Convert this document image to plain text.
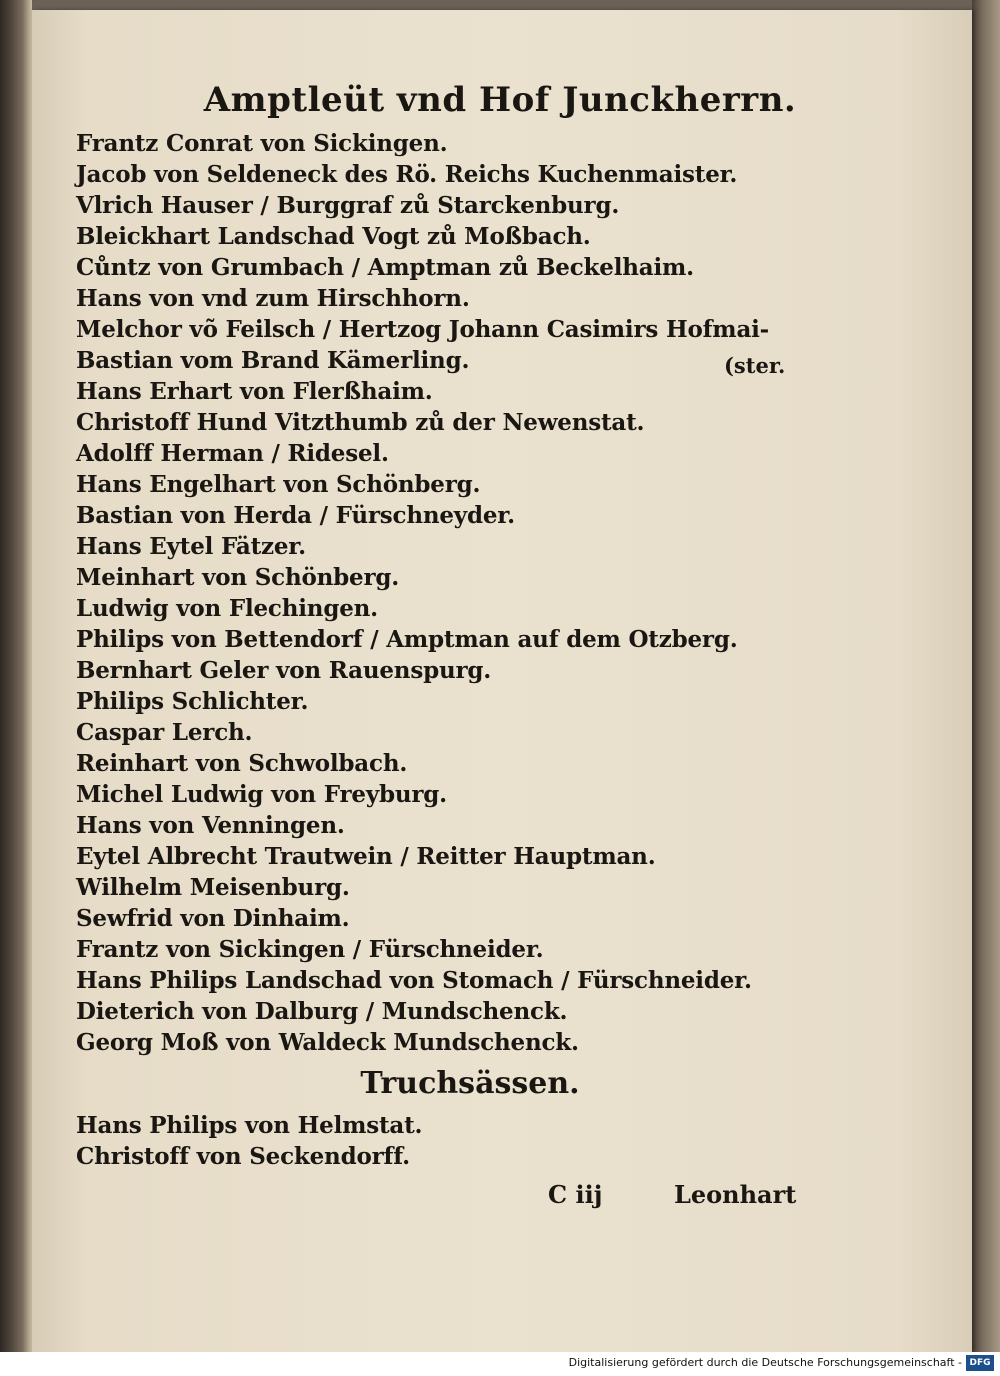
Amptleüt vnd Hof Junckherrn.
Frantz Conrat von Sickingen.
Jacob von Seldeneck des Rö. Reichs Kuchenmaister.
Vlrich Hauser / Burggraf zů Starckenburg.
Bleickhart Landschad Vogt zů Moßbach.
Cůntz von Grumbach / Amptman zů Beckelhaim.
Hans von vnd zum Hirschhorn.
Melchor võ Feilsch / Hertzog Johann Casimirs Hofmai-
Bastian vom Brand Kämerling.
Hans Erhart von Flerßhaim.
Christoff Hund Vitzthumb zů der Newenstat.
Adolff Herman / Ridesel.
Hans Engelhart von Schönberg.
Bastian von Herda / Fürschneyder.
Hans Eytel Fätzer.
Meinhart von Schönberg.
Ludwig von Flechingen.
Philips von Bettendorf / Amptman auf dem Otzberg.
Bernhart Geler von Rauenspurg.
Philips Schlichter.
Caspar Lerch.
Reinhart von Schwolbach.
Michel Ludwig von Freyburg.
Hans von Venningen.
Eytel Albrecht Trautwein / Reitter Hauptman.
Wilhelm Meisenburg.
Sewfrid von Dinhaim.
Frantz von Sickingen / Fürschneider.
Hans Philips Landschad von Stomach / Fürschneider.
Dieterich von Dalburg / Mundschenck.
Georg Moß von Waldeck Mundschenck.
(ster.
Truchsässen.
Hans Philips von Helmstat.
Christoff von Seckendorff.
C iij	Leonhart
Digitalisierung gefördert durch die Deutsche Forschungsgemeinschaft - DFG
